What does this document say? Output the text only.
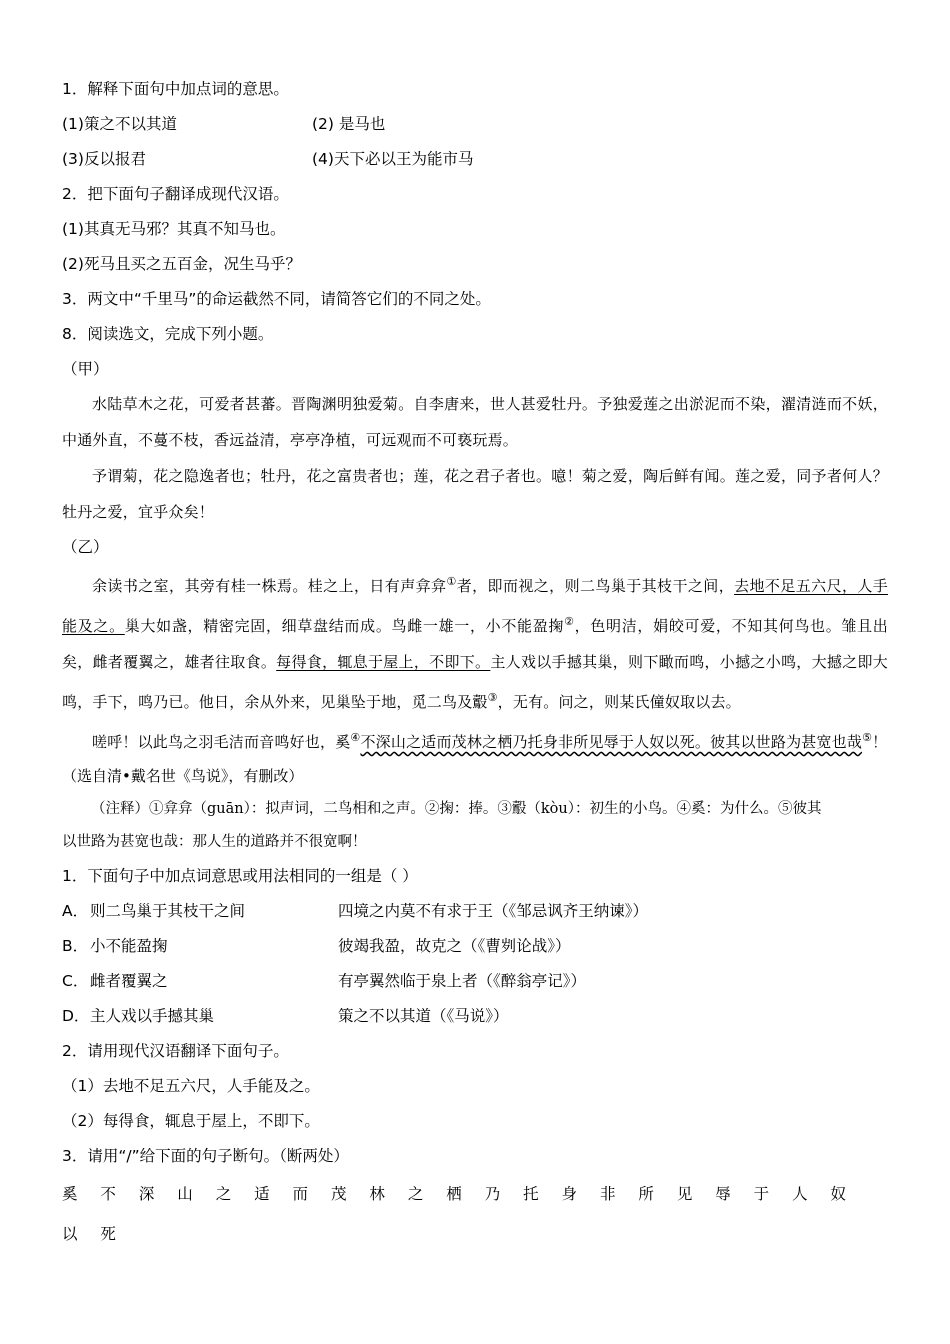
1．解释下面句中加点词的意思。
(1)策之不以其道	(2) 是马也
(3)反以报君	(4)天下必以王为能市马
2．把下面句子翻译成现代汉语。
(1)其真无马邪？其真不知马也。
(2)死马且买之五百金，况生马乎？
3．两文中“千里马”的命运截然不同，请简答它们的不同之处。
8．阅读选文，完成下列小题。
（甲）
水陆草木之花，可爱者甚蕃。晋陶渊明独爱菊。自李唐来，世人甚爱牡丹。予独爱莲之出淤泥而不染，濯清涟而不妖，中通外直，不蔓不枝，香远益清，亭亭净植，可远观而不可亵玩焉。
予谓菊，花之隐逸者也；牡丹，花之富贵者也；莲，花之君子者也。噫！菊之爱，陶后鲜有闻。莲之爱，同予者何人？牡丹之爱，宜乎众矣！
（乙）
余读书之室，其旁有桂一株焉。桂之上，日有声弇弇①者，即而视之，则二鸟巢于其枝干之间，去地不足五六尺，人手能及之。巢大如盏，精密完固，细草盘结而成。鸟雌一雄一，小不能盈掬②，色明洁，娟皎可爱，不知其何鸟也。雏且出矣，雌者覆翼之，雄者往取食。每得食，辄息于屋上，不即下。主人戏以手撼其巢，则下瞰而鸣，小撼之小鸣，大撼之即大鸣，手下，鸣乃已。他日，余从外来，见巢坠于地，觅二鸟及鷇③，无有。问之，则某氏僮奴取以去。
嗟呼！以此鸟之羽毛洁而音鸣好也，奚④不深山之适而茂林之栖乃托身非所见辱于人奴以死。彼其以世路为甚宽也哉⑤！
（选自清•戴名世《鸟说》，有删改）
（注释）①弇弇（guān）：拟声词，二鸟相和之声。②掬：捧。③鷇（kòu）：初生的小鸟。④奚：为什么。⑤彼其
以世路为甚宽也哉：那人生的道路并不很宽啊！
1．下面句子中加点词意思或用法相同的一组是（ ）
A． 则二鸟巢于其枝干之间	四境之内莫不有求于王（《邹忌讽齐王纳谏》）
B． 小不能盈掬	彼竭我盈，故克之（《曹刿论战》）
C． 雌者覆翼之	有亭翼然临于泉上者（《醉翁亭记》）
D． 主人戏以手撼其巢	策之不以其道（《马说》）
2．请用现代汉语翻译下面句子。
（1）去地不足五六尺，人手能及之。
（2）每得食，辄息于屋上，不即下。
3．请用“/”给下面的句子断句。（断两处）
奚 不 深 山 之 适 而 茂 林 之 栖 乃 托 身 非 所 见 辱 于 人 奴 以 死
